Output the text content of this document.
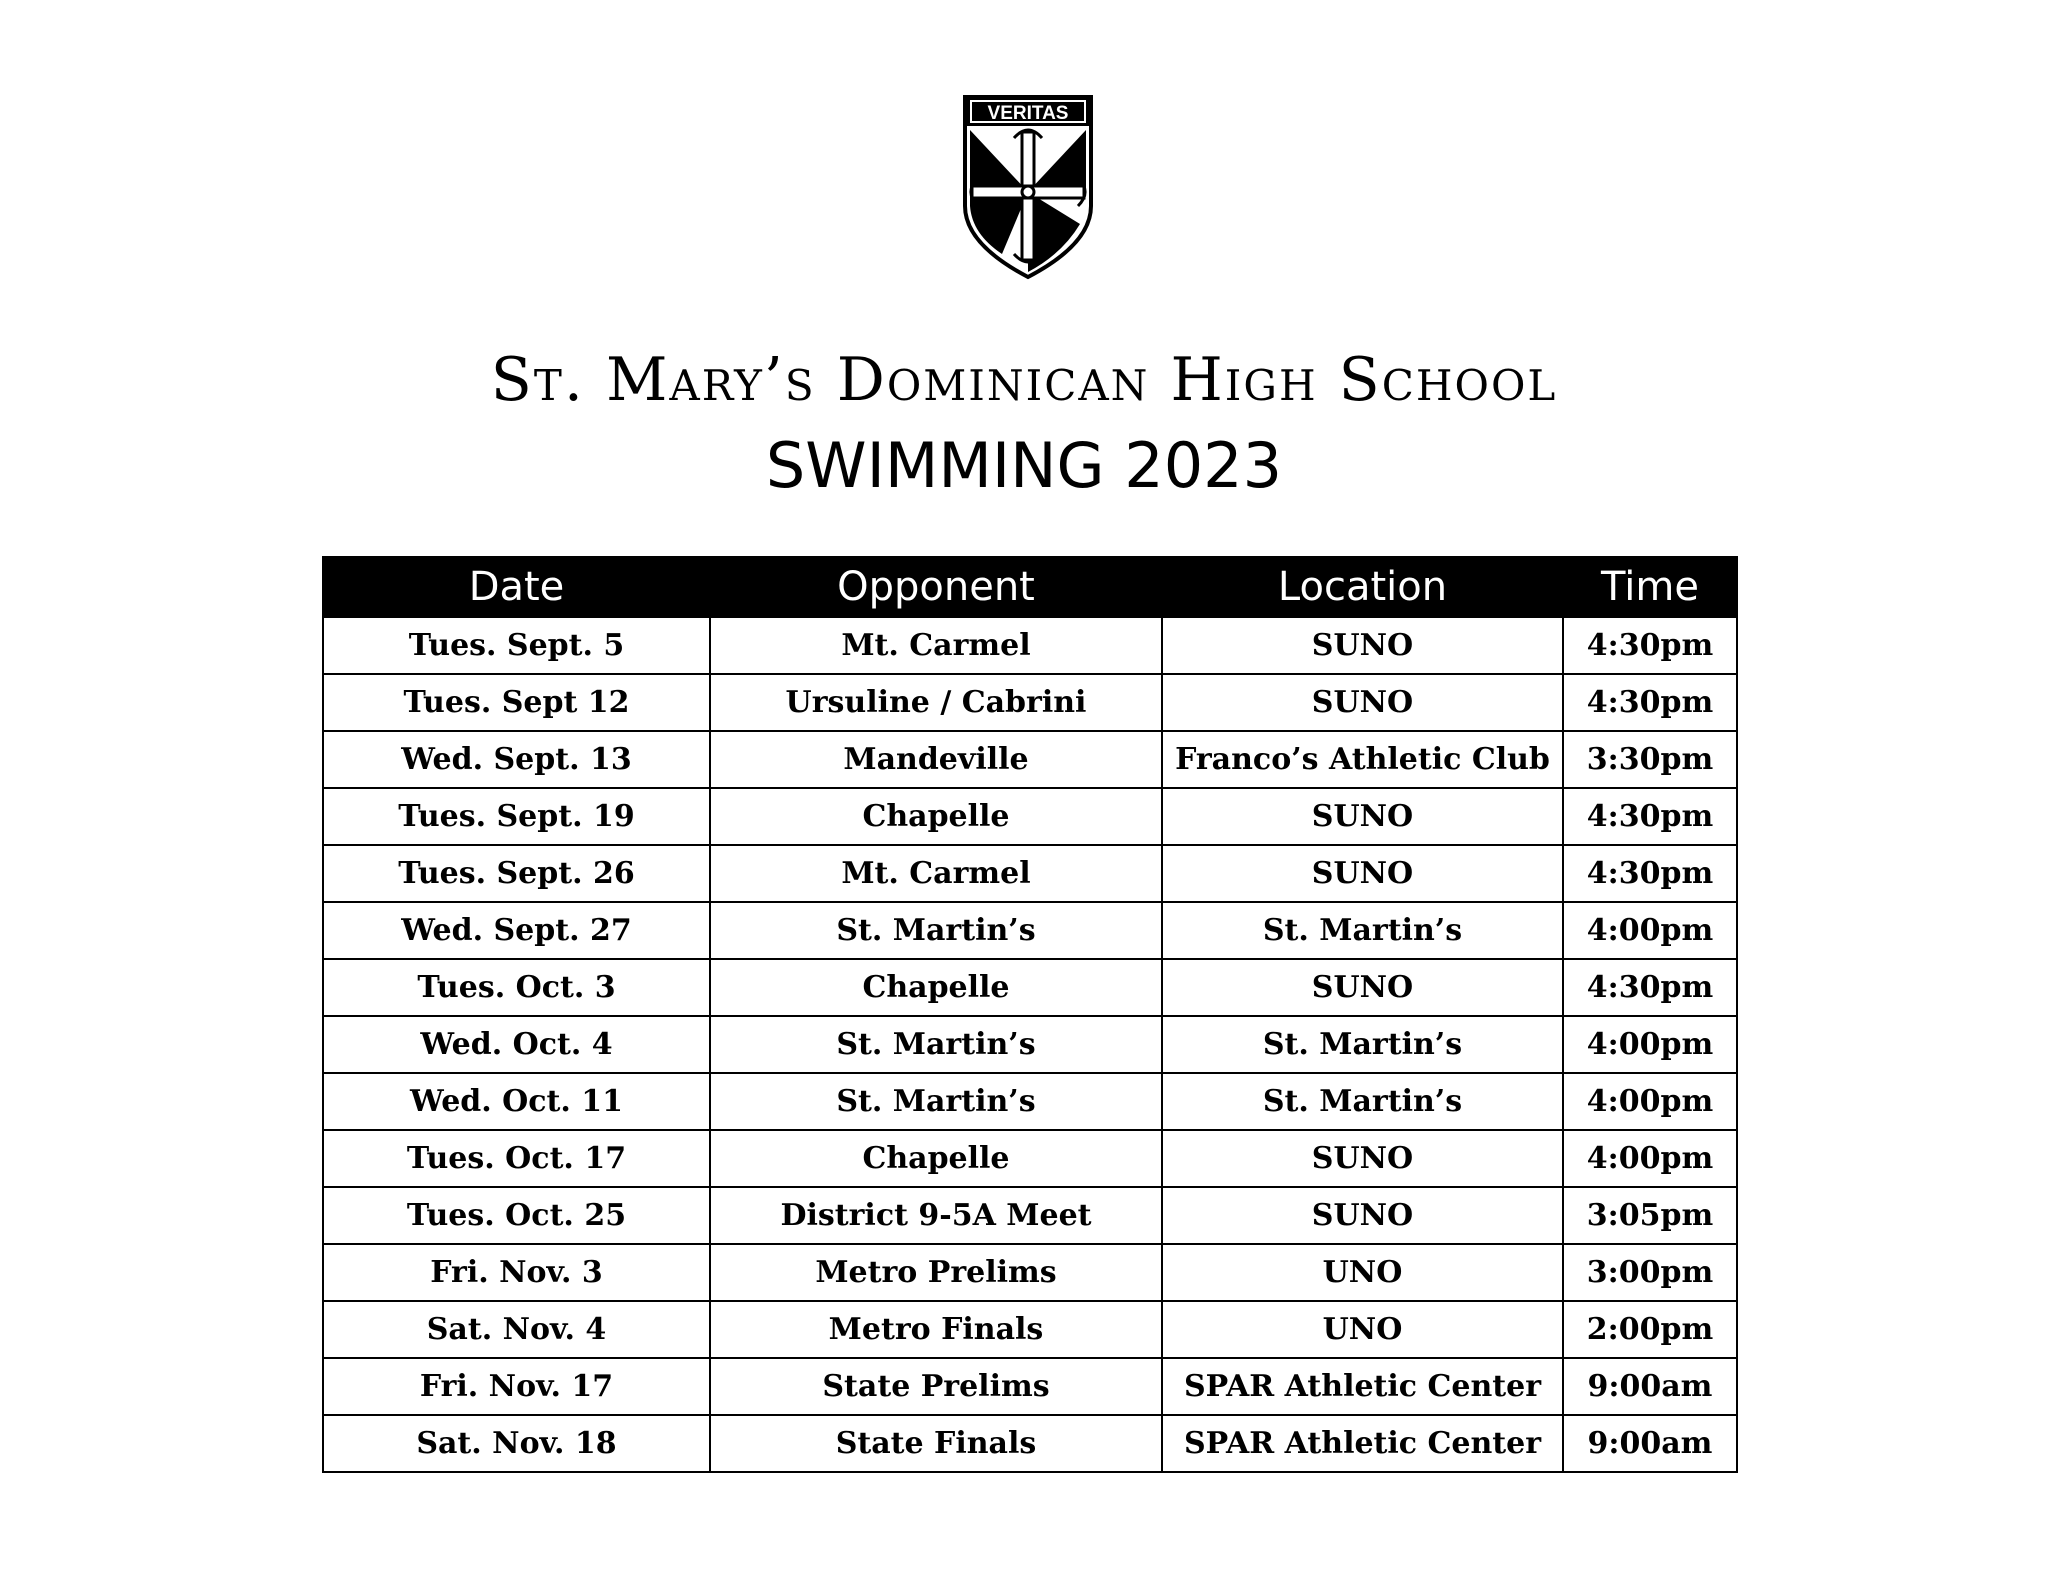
VERITAS
St. Mary’s Dominican High School
SWIMMING 2023
Date	Opponent	Location	Time
Tues. Sept. 5	Mt. Carmel	SUNO	4:30pm
Tues. Sept 12	Ursuline / Cabrini	SUNO	4:30pm
Wed. Sept. 13	Mandeville	Franco’s Athletic Club	3:30pm
Tues. Sept. 19	Chapelle	SUNO	4:30pm
Tues. Sept. 26	Mt. Carmel	SUNO	4:30pm
Wed. Sept. 27	St. Martin’s	St. Martin’s	4:00pm
Tues. Oct. 3	Chapelle	SUNO	4:30pm
Wed. Oct. 4	St. Martin’s	St. Martin’s	4:00pm
Wed. Oct. 11	St. Martin’s	St. Martin’s	4:00pm
Tues. Oct. 17	Chapelle	SUNO	4:00pm
Tues. Oct. 25	District 9-5A Meet	SUNO	3:05pm
Fri. Nov. 3	Metro Prelims	UNO	3:00pm
Sat. Nov. 4	Metro Finals	UNO	2:00pm
Fri. Nov. 17	State Prelims	SPAR Athletic Center	9:00am
Sat. Nov. 18	State Finals	SPAR Athletic Center	9:00am
